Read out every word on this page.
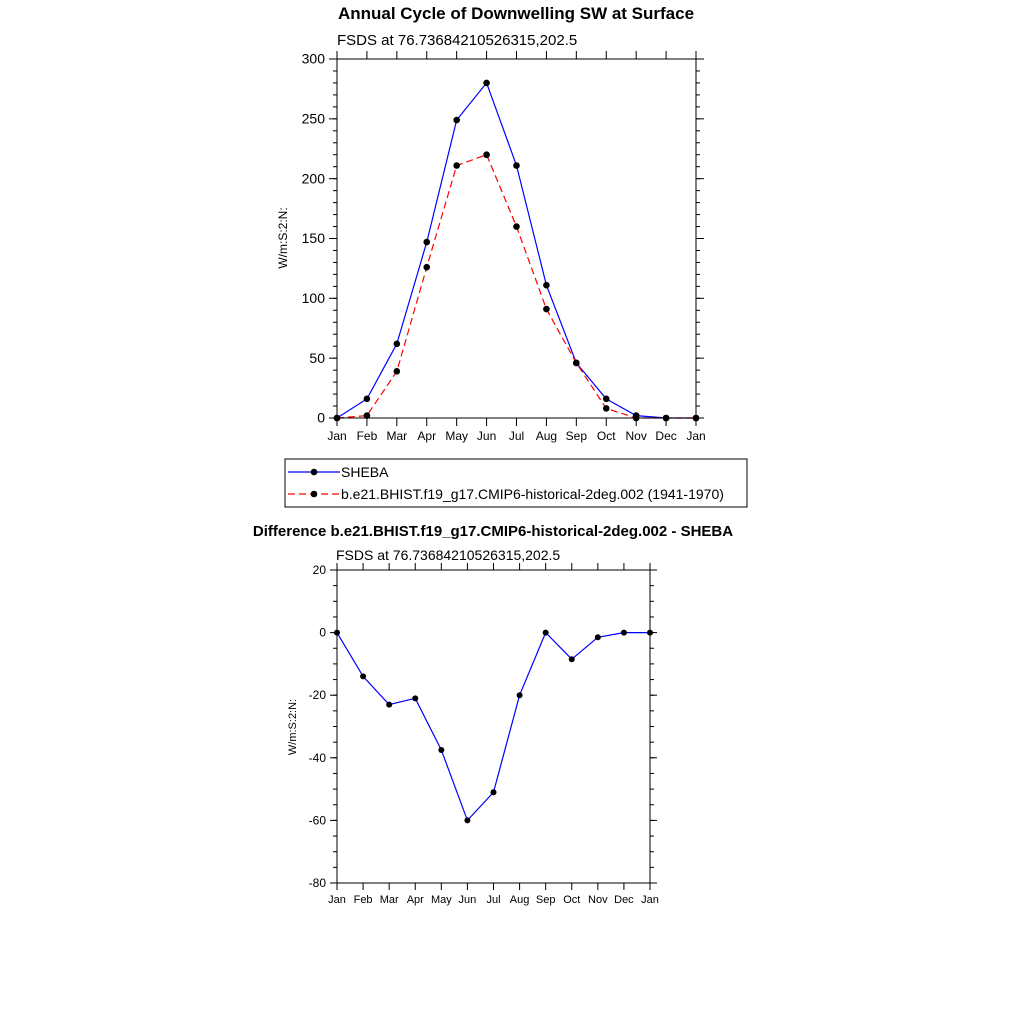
Annual Cycle of Downwelling SW at Surface
FSDS at 76.73684210526315,202.5
W/m:S:2:N:
0
50
100
150
200
250
300
Jan Feb Mar Apr May Jun Jul Aug Sep Oct Nov Dec Jan
SHEBA
b.e21.BHIST.f19_g17.CMIP6-historical-2deg.002 (1941-1970)
Difference b.e21.BHIST.f19_g17.CMIP6-historical-2deg.002 - SHEBA
FSDS at 76.73684210526315,202.5
W/m:S:2:N:
-80
-60
-40
-20
0
20
Jan Feb Mar Apr May Jun Jul Aug Sep Oct Nov Dec Jan
